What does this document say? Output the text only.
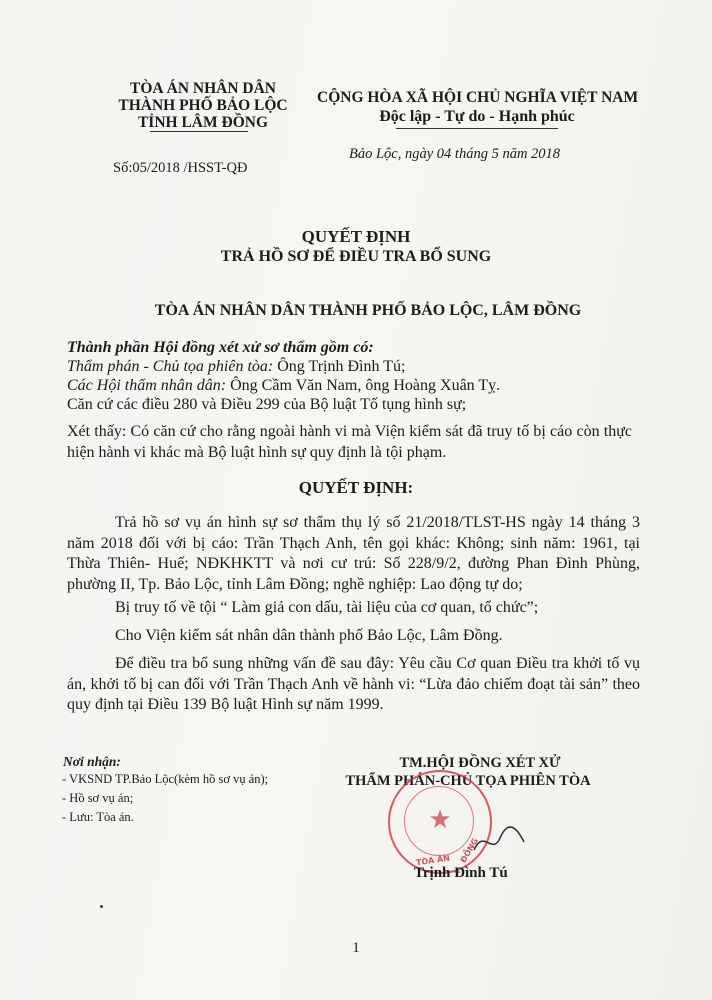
TÒA ÁN NHÂN DÂN
THÀNH PHỐ BẢO LỘC
TỈNH LÂM ĐỒNG
Số:05/2018 /HSST-QĐ
CỘNG HÒA XÃ HỘI CHỦ NGHĨA VIỆT NAM
Độc lập - Tự do - Hạnh phúc
Bảo Lộc, ngày 04 tháng 5 năm 2018
QUYẾT ĐỊNH
TRẢ HỒ SƠ ĐỂ ĐIỀU TRA BỔ SUNG
TÒA ÁN NHÂN DÂN THÀNH PHỐ BẢO LỘC, LÂM ĐỒNG
Thành phần Hội đồng xét xử sơ thẩm gồm có:
Thẩm phán - Chủ tọa phiên tòa: Ông Trịnh Đình Tú;
Các Hội thẩm nhân dân: Ông Cầm Văn Nam, ông Hoàng Xuân Tỵ.
Căn cứ các điều 280 và Điều 299 của Bộ luật Tố tụng hình sự;
Xét thấy: Có căn cứ cho rằng ngoài hành vi mà Viện kiểm sát đã truy tố bị cáo còn thực hiện hành vi khác mà Bộ luật hình sự quy định là tội phạm.
QUYẾT ĐỊNH:
Trả hồ sơ vụ án hình sự sơ thẩm thụ lý số 21/2018/TLST-HS ngày 14 tháng 3 năm 2018 đối với bị cáo: Trần Thạch Anh, tên gọi khác: Không; sinh năm: 1961, tại Thừa Thiên- Huế; NĐKHKTT và nơi cư trú: Số 228/9/2, đường Phan Đình Phùng, phường II, Tp. Bảo Lộc, tỉnh Lâm Đồng; nghề nghiệp: Lao động tự do;
Bị truy tố về tội “ Làm giả con dấu, tài liệu của cơ quan, tổ chức”;
Cho Viện kiểm sát nhân dân thành phố Bảo Lộc, Lâm Đồng.
Để điều tra bổ sung những vấn đề sau đây: Yêu cầu Cơ quan Điều tra khởi tố vụ án, khởi tố bị can đối với Trần Thạch Anh về hành vi: “Lừa đảo chiếm đoạt tài sản” theo quy định tại Điều 139 Bộ luật Hình sự năm 1999.
Nơi nhận:
- VKSND TP.Bảo Lộc(kèm hồ sơ vụ án);
- Hồ sơ vụ án;
- Lưu: Tòa án.
TM.HỘI ĐỒNG XÉT XỬ
THẨM PHÁN-CHỦ TỌA PHIÊN TÒA
★
TÒA ÁN ĐỒNG
Trịnh Đình Tú
1
